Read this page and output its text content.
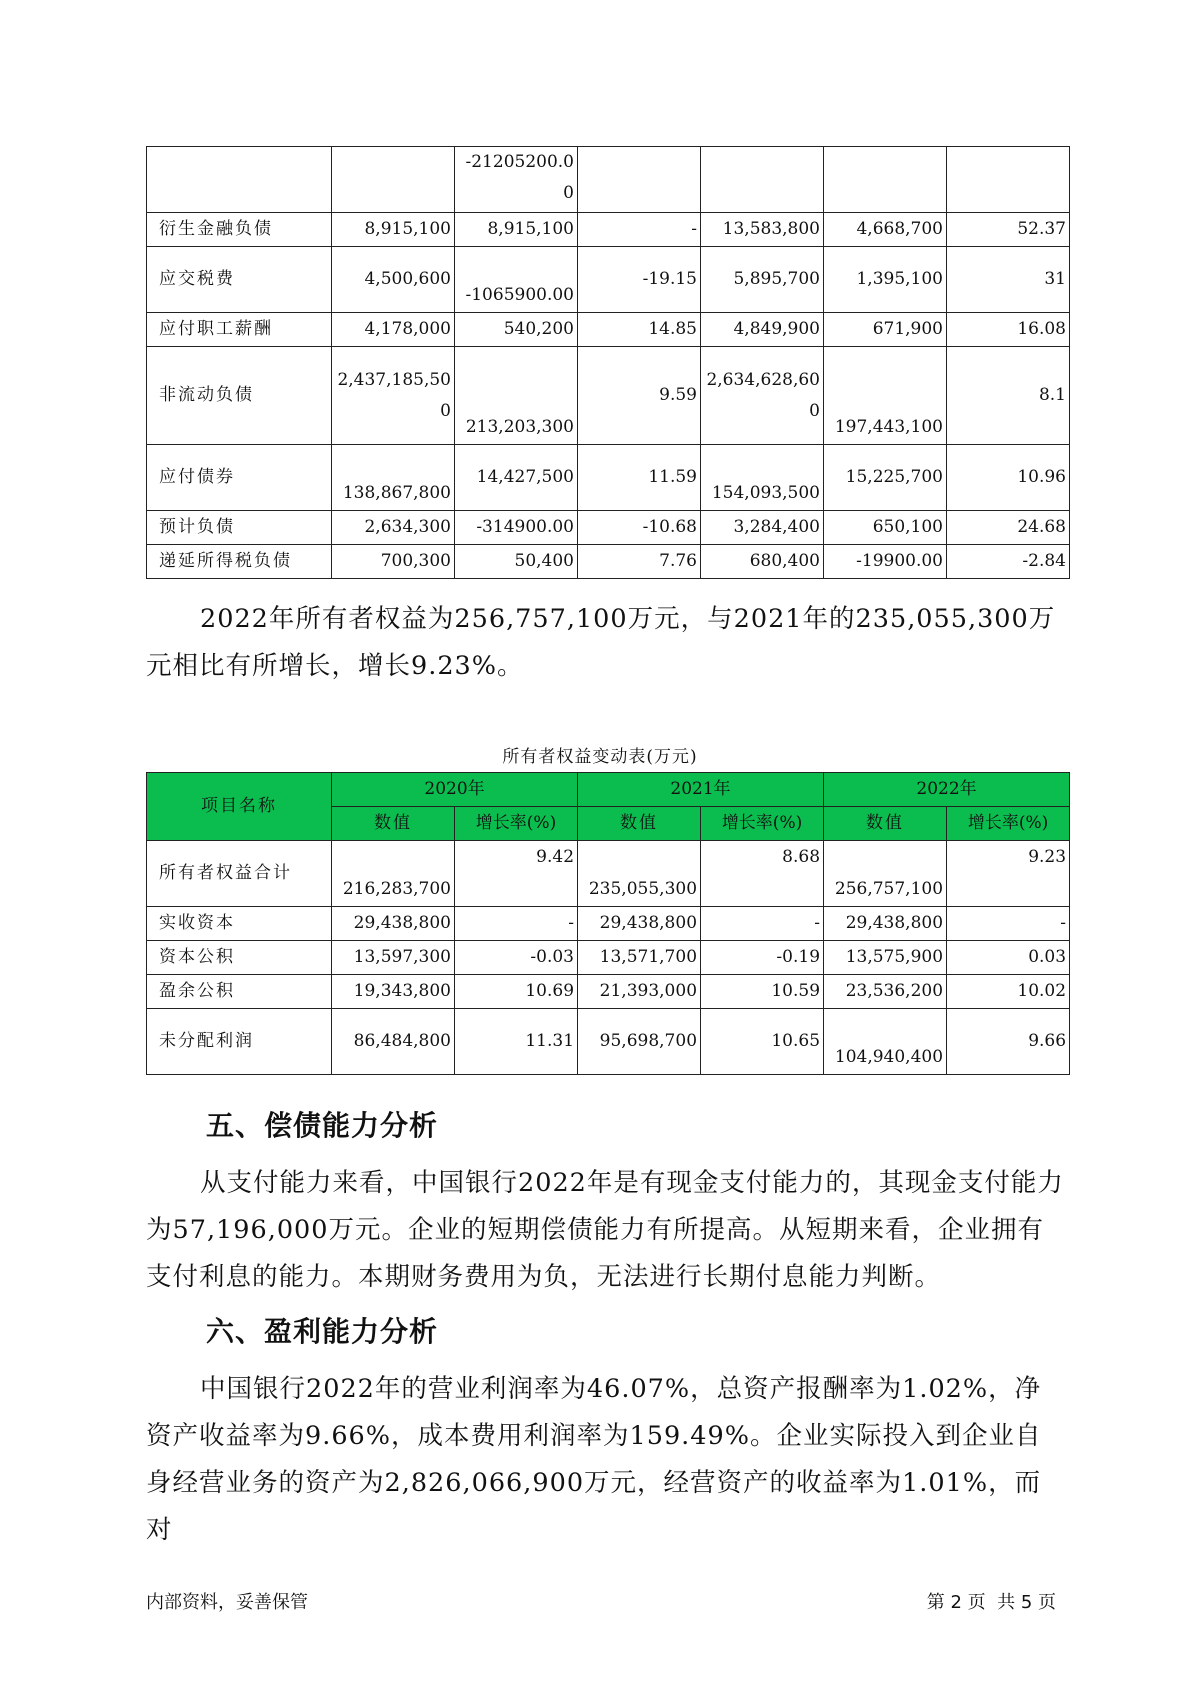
		-21205200.00				
衍生金融负债	8,915,100	8,915,100	-	13,583,800	4,668,700	52.37
应交税费	4,500,600	-1065900.00	-19.15	5,895,700	1,395,100	31
应付职工薪酬	4,178,000	540,200	14.85	4,849,900	671,900	16.08
非流动负债	2,437,185,500	213,203,300	9.59	2,634,628,600	197,443,100	8.1
应付债券	138,867,800	14,427,500	11.59	154,093,500	15,225,700	10.96
预计负债	2,634,300	-314900.00	-10.68	3,284,400	650,100	24.68
递延所得税负债	700,300	50,400	7.76	680,400	-19900.00	-2.84

2022年所有者权益为256,757,100万元，与2021年的235,055,300万元相比有所增长，增长9.23%。

所有者权益变动表(万元)
项目名称	2020年		2021年		2022年	
	数值	增长率(%)	数值	增长率(%)	数值	增长率(%)
所有者权益合计	216,283,700	9.42	235,055,300	8.68	256,757,100	9.23
实收资本	29,438,800	-	29,438,800	-	29,438,800	-
资本公积	13,597,300	-0.03	13,571,700	-0.19	13,575,900	0.03
盈余公积	19,343,800	10.69	21,393,000	10.59	23,536,200	10.02
未分配利润	86,484,800	11.31	95,698,700	10.65	104,940,400	9.66
五、偿债能力分析

从支付能力来看，中国银行2022年是有现金支付能力的，其现金支付能力为57,196,000万元。企业的短期偿债能力有所提高。从短期来看，企业拥有支付利息的能力。本期财务费用为负，无法进行长期付息能力判断。

六、盈利能力分析

中国银行2022年的营业利润率为46.07%，总资产报酬率为1.02%，净资产收益率为9.66%，成本费用利润率为159.49%。企业实际投入到企业自身经营业务的资产为2,826,066,900万元，经营资产的收益率为1.01%，而对

内部资料，妥善保管	第 2 页  共 5 页
